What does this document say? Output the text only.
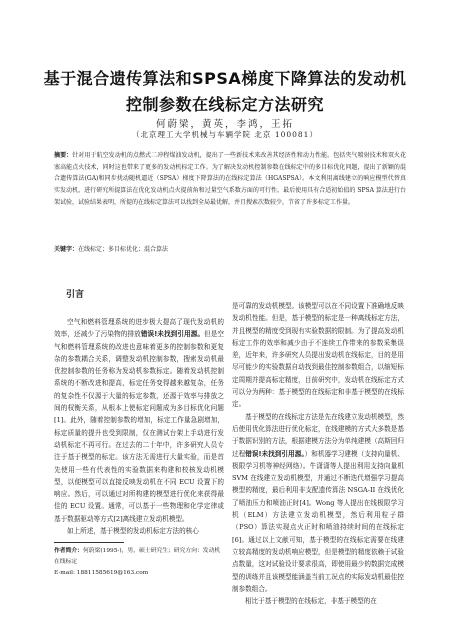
基于混合遗传算法和SPSA梯度下降算法的发动机
控制参数在线标定方法研究
何蔚梁，黄英，李鸿，王拓
（北京理工大学机械与车辆学院 北京 100081）
摘要：针对用于航空发动机的点燃式二冲程煤油发动机，提出了一些新技术来改善其经济性和动力性能。包括夹气喷射技术和双火花塞高能点火技术，同时这也带来了更多的发动机标定工作。为了解决发动机控制参数在线标定中的多目标优化问题，提出了新颖的混合遗传算法(GA)和同步扰动随机逼近（SPSA）梯度下降算法的在线标定算法（HGASPSA）。本文利用离线建立的响应模型代替真实发动机，进行研究所提算法在优化发动机点火提前角和过量空气系数方面的可行性。最后使用具有合适初始值的 SPSA 算法进行台架试验，试验结果表明，所提的在线标定算法可以找到全局最优解，并且搜索次数较少，节省了许多标定工作量。
关键字：在线标定；多目标优化；混合算法
引言

空气和燃料管理系统的进步极大提高了现代发动机的效率，还减少了污染物的排放错误!未找到引用源。但是空气和燃料管理系统的改进也意味着更多的控制参数和更复杂的参数耦合关系，调整发动机控制参数，搜索发动机最优控制参数的任务称为发动机参数标定。随着发动机控制系统的不断改进和提高，标定任务变得越来越复杂，任务的复杂性不仅源于大量的标定参数，还源于效率与排放之间的权衡关系，从根本上使标定问题成为多目标优化问题[1]。此外，随着控制参数的增加，标定工作量急剧增加，标定质量的提升也受到限制，仅在测试台架上手动进行发动机标定不再可行。在过去的二十年中，许多研究人员专注于基于模型的标定。该方法无需进行大量实验，而是首先使用一些有代表性的实验数据来构建和校核发动机模型，以便模型可以直接反映发动机在不同 ECU 设置下的响应。然后，可以通过对所构建的模型进行优化来获得最佳的 ECU 设置。通常，可以基于一些物理和化学定律或基于数据驱动等方式[2]离线建立发动机模型。

如上所述，基于模型的发动机标定方法的核心

是可靠的发动机模型。该模型可以在不同设置下准确地反映发动机性能。但是，基于模型的标定是一种离线标定方法，并且模型的精度受到现有实验数据的限制。为了提高发动机标定工作的效率和减少由于不连续工作带来的参数采集误差，近年来，许多研究人员提出发动机在线标定，目的是用尽可能少的实验数据自动找到最佳控制参数组合，以缩短标定周期并提高标定精度，目前研究中，发动机在线标定方式可以分为两种：基于模型的在线标定和非基于模型的在线标定。

基于模型的在线标定方法是先在线建立发动机模型，然后使用优化算法进行优化标定，在线建模的方式大多数是基于数据识别的方法，根据建模方法分为单纯建模（高斯回归过程错误!未找到引用源。）和机器学习建模（支持向量机、极限学习机等神经网络）。牛潇潇等人提出利用支持向量机 SVM 在线建立发动机模型，并通过不断迭代增强学习提高模型的精度，最后利用非支配遗传算法 NSGA-II 在线优化了喷油压力和喷油正时[4]。Wong 等人提出在线极限学习机（ELM）方法建立发动机模型，然后利用粒子群（PSO）算法实现点火正时和喷油持续时间的在线标定[6]。通过以上文献可知，基于模型的在线标定需要在线建立较高精度的发动机响应模型，但是模型的精度依赖于试验点数量，这对试验设计要求很高，即使用最少的数据完成模型的训练并且该模型能涵盖当前工况点的实际发动机最佳控制参数组合。

相比于基于模型的在线标定，非基于模型的在

作者简介：何蔚梁(1995-)，男，硕士研究生；研究方向：发动机在线标定
E-mail: 18811585619@163.com
